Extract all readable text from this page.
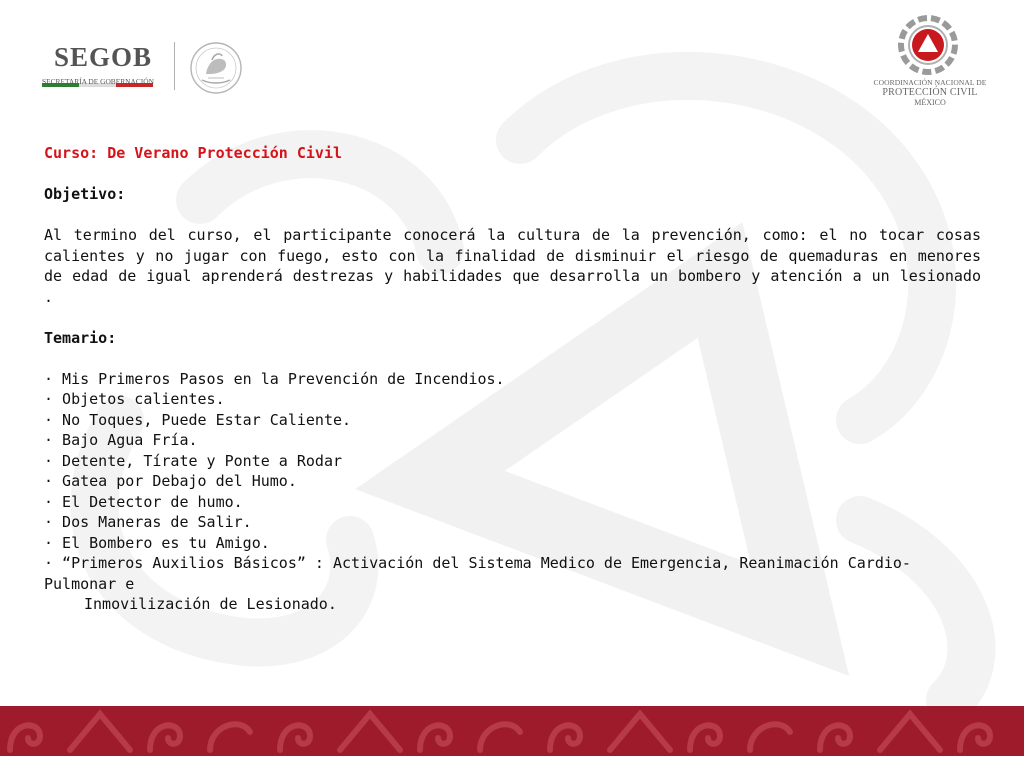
SEGOB
SECRETARÍA DE GOBERNACIÓN	COORDINACIÓN NACIONAL DE
PROTECCIÓN CIVIL
MÉXICO

Curso: De Verano Protección Civil

Objetivo:

Al termino del curso, el participante conocerá la cultura de la prevención, como: el no tocar cosas calientes y no jugar con fuego, esto con la finalidad de disminuir el riesgo de quemaduras en menores de edad de igual aprenderá destrezas y habilidades que desarrolla un bombero y atención a un lesionado .

Temario:

· Mis Primeros Pasos en la Prevención de Incendios.
· Objetos calientes.
· No Toques, Puede Estar Caliente.
· Bajo Agua Fría.
· Detente, Tírate y Ponte a Rodar
· Gatea por Debajo del Humo.
· El Detector de humo.
· Dos Maneras de Salir.
· El Bombero es tu Amigo.
· “Primeros Auxilios Básicos” : Activación del Sistema Medico de Emergencia, Reanimación Cardio-Pulmonar e
Inmovilización de Lesionado.
